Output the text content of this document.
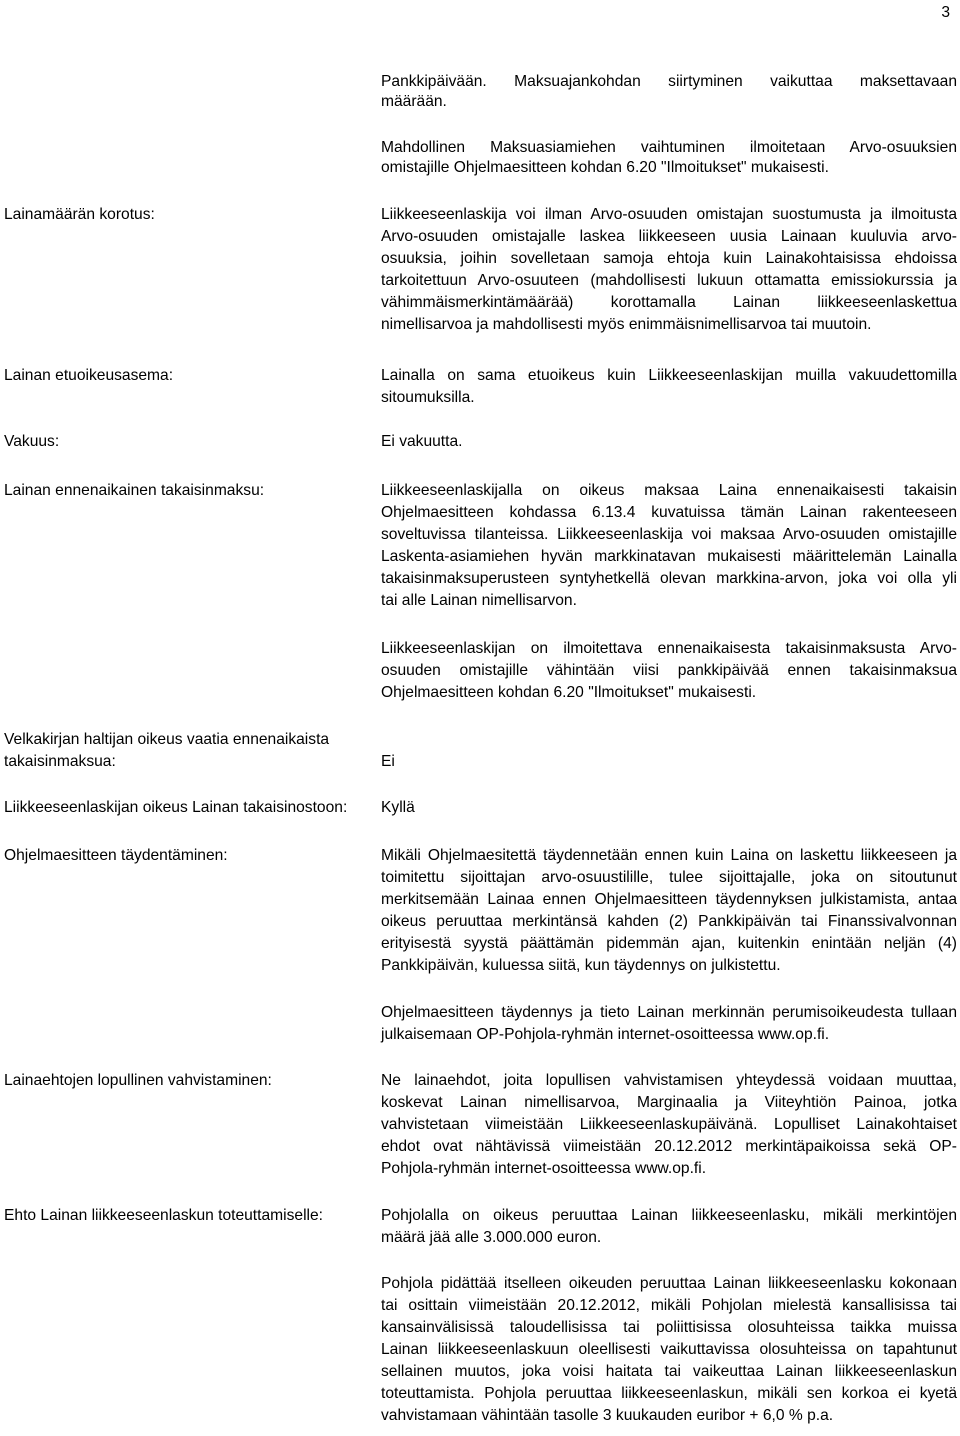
3
Pankkipäivään. Maksuajankohdan siirtyminen vaikuttaa maksettavaan
määrään.
Mahdollinen Maksuasiamiehen vaihtuminen ilmoitetaan Arvo-osuuksien
omistajille Ohjelmaesitteen kohdan 6.20 "Ilmoitukset" mukaisesti.
Lainamäärän korotus:	Liikkeeseenlaskija voi ilman Arvo-osuuden omistajan suostumusta ja ilmoitusta
Arvo-osuuden omistajalle laskea liikkeeseen uusia Lainaan kuuluvia arvo-
osuuksia, joihin sovelletaan samoja ehtoja kuin Lainakohtaisissa ehdoissa
tarkoitettuun Arvo-osuuteen (mahdollisesti lukuun ottamatta emissiokurssia ja
vähimmäismerkintämäärää) korottamalla Lainan liikkeeseenlaskettua
nimellisarvoa ja mahdollisesti myös enimmäisnimellisarvoa tai muutoin.
Lainan etuoikeusasema:	Lainalla on sama etuoikeus kuin Liikkeeseenlaskijan muilla vakuudettomilla
sitoumuksilla.
Vakuus:	Ei vakuutta.
Lainan ennenaikainen takaisinmaksu:	Liikkeeseenlaskijalla on oikeus maksaa Laina ennenaikaisesti takaisin
Ohjelmaesitteen kohdassa 6.13.4 kuvatuissa tämän Lainan rakenteeseen
soveltuvissa tilanteissa. Liikkeeseenlaskija voi maksaa Arvo-osuuden omistajille
Laskenta-asiamiehen hyvän markkinatavan mukaisesti määrittelemän Lainalla
takaisinmaksuperusteen syntyhetkellä olevan markkina-arvon, joka voi olla yli
tai alle Lainan nimellisarvon.
Liikkeeseenlaskijan on ilmoitettava ennenaikaisesta takaisinmaksusta Arvo-
osuuden omistajille vähintään viisi pankkipäivää ennen takaisinmaksua
Ohjelmaesitteen kohdan 6.20 "Ilmoitukset" mukaisesti.
Velkakirjan haltijan oikeus vaatia ennenaikaista
takaisinmaksua:	Ei
Liikkeeseenlaskijan oikeus Lainan takaisinostoon: Kyllä
Ohjelmaesitteen täydentäminen:	Mikäli Ohjelmaesitettä täydennetään ennen kuin Laina on laskettu liikkeeseen ja
toimitettu sijoittajan arvo-osuustilille, tulee sijoittajalle, joka on sitoutunut
merkitsemään Lainaa ennen Ohjelmaesitteen täydennyksen julkistamista, antaa
oikeus peruuttaa merkintänsä kahden (2) Pankkipäivän tai Finanssivalvonnan
erityisestä syystä päättämän pidemmän ajan, kuitenkin enintään neljän (4)
Pankkipäivän, kuluessa siitä, kun täydennys on julkistettu.
Ohjelmaesitteen täydennys ja tieto Lainan merkinnän perumisoikeudesta tullaan
julkaisemaan OP-Pohjola-ryhmän internet-osoitteessa www.op.fi.
Lainaehtojen lopullinen vahvistaminen:	Ne lainaehdot, joita lopullisen vahvistamisen yhteydessä voidaan muuttaa,
koskevat Lainan nimellisarvoa, Marginaalia ja Viiteyhtiön Painoa, jotka
vahvistetaan viimeistään Liikkeeseenlaskupäivänä. Lopulliset Lainakohtaiset
ehdot ovat nähtävissä viimeistään 20.12.2012 merkintäpaikoissa sekä OP-
Pohjola-ryhmän internet-osoitteessa www.op.fi.
Ehto Lainan liikkeeseenlaskun toteuttamiselle:	Pohjolalla on oikeus peruuttaa Lainan liikkeeseenlasku, mikäli merkintöjen
määrä jää alle 3.000.000 euron.
Pohjola pidättää itselleen oikeuden peruuttaa Lainan liikkeeseenlasku kokonaan
tai osittain viimeistään 20.12.2012, mikäli Pohjolan mielestä kansallisissa tai
kansainvälisissä taloudellisissa tai poliittisissa olosuhteissa taikka muissa
Lainan liikkeeseenlaskuun oleellisesti vaikuttavissa olosuhteissa on tapahtunut
sellainen muutos, joka voisi haitata tai vaikeuttaa Lainan liikkeeseenlaskun
toteuttamista. Pohjola peruuttaa liikkeeseenlaskun, mikäli sen korkoa ei kyetä
vahvistamaan vähintään tasolle 3 kuukauden euribor + 6,0 % p.a.
